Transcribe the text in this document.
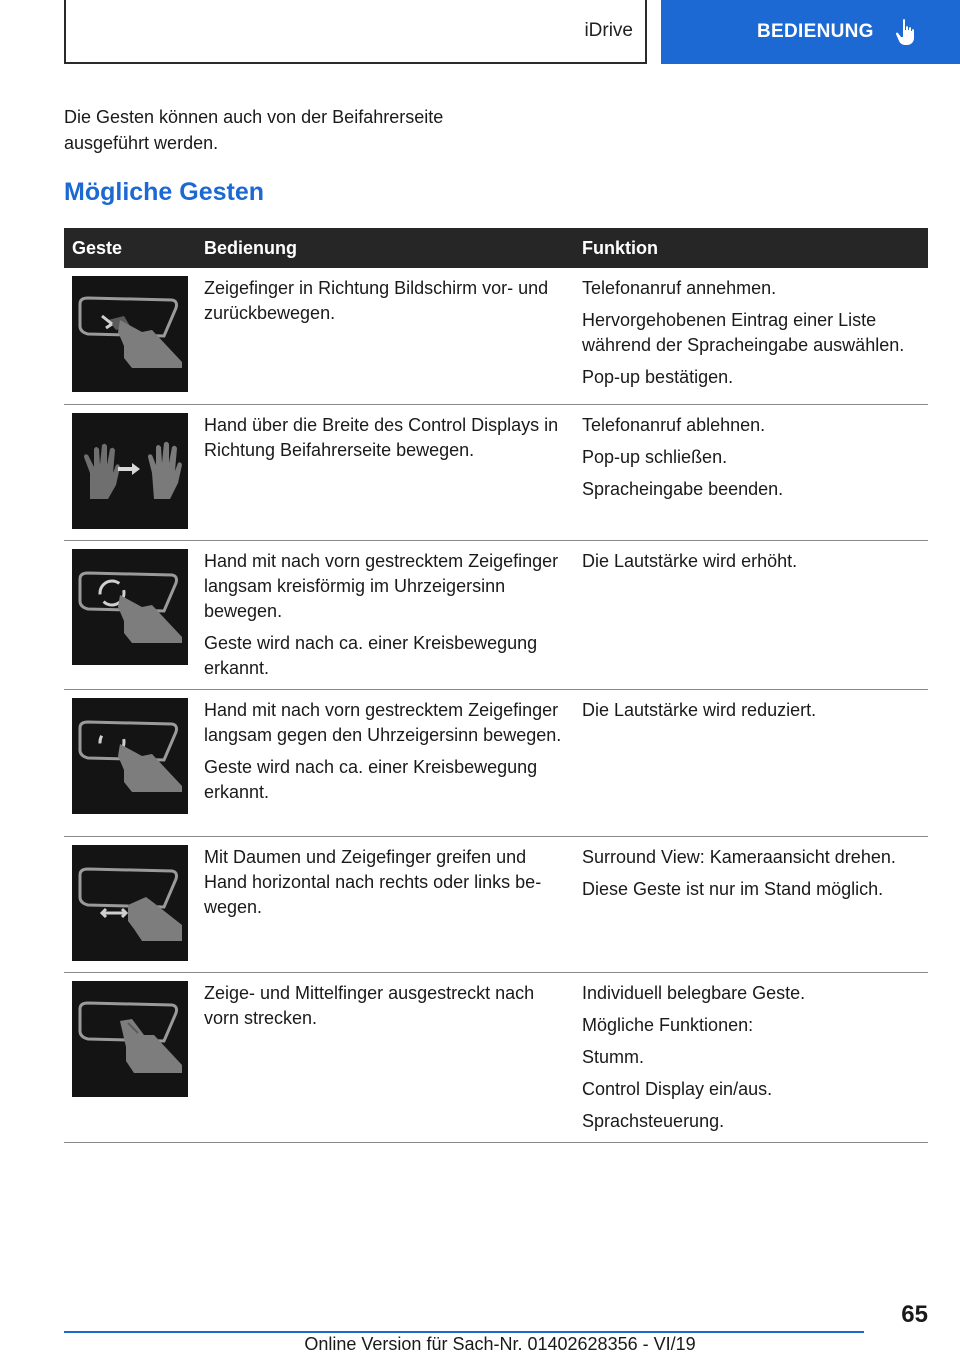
iDrive	BEDIENUNG
Die Gesten können auch von der Beifahrerseite ausgeführt werden.
Mögliche Gesten
Geste	Bedienung	Funktion

Zeigefinger in Richtung Bildschirm vor- und zurückbewegen.	Telefonanruf annehmen.
Hervorgehobenen Eintrag einer Liste während der Spracheingabe auswählen.
Pop-up bestätigen.

Hand über die Breite des Control Displays in Richtung Beifahrerseite bewegen.	Telefonanruf ablehnen.
Pop-up schließen.
Spracheingabe beenden.

Hand mit nach vorn gestrecktem Zeigefinger langsam kreisförmig im Uhrzeigersinn bewegen.
Geste wird nach ca. einer Kreisbewegung erkannt.	Die Lautstärke wird erhöht.

Hand mit nach vorn gestrecktem Zeigefinger langsam gegen den Uhrzeigersinn bewegen.
Geste wird nach ca. einer Kreisbewegung erkannt.	Die Lautstärke wird reduziert.

Mit Daumen und Zeigefinger greifen und Hand horizontal nach rechts oder links bewegen.	Surround View: Kameraansicht drehen.
Diese Geste ist nur im Stand möglich.

Zeige- und Mittelfinger ausgestreckt nach vorn strecken.	Individuell belegbare Geste.
Mögliche Funktionen:
Stumm.
Control Display ein/aus.
Sprachsteuerung.
65
Online Version für Sach-Nr. 01402628356 - VI/19
